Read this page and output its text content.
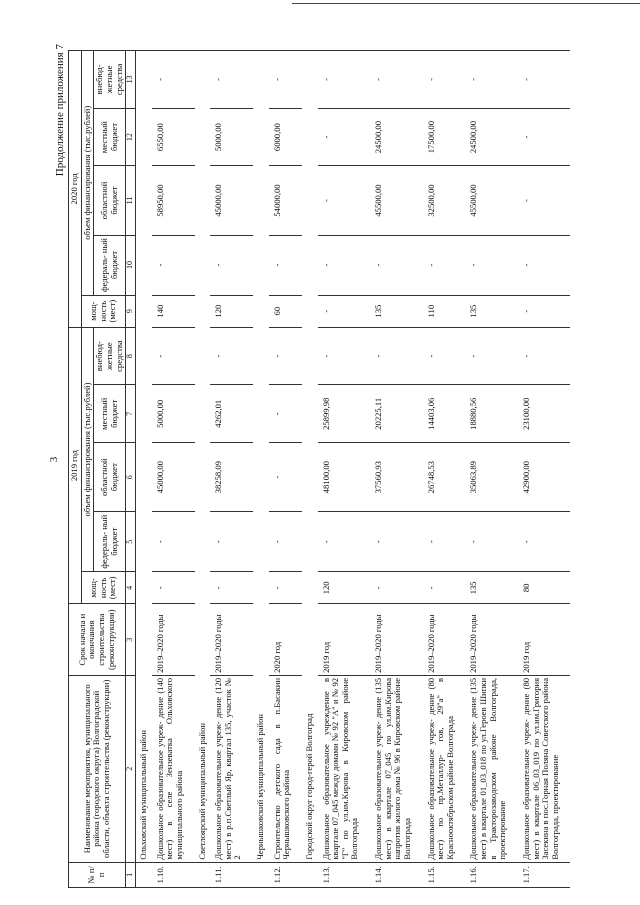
3
Продолжение приложения 7
№ п/п	Наименование мероприятия, муниципального района (городского округа) Волгоградской области, объекта строительства (реконструкции)	Срок начала и окончания строительства (реконструкции)	2019 год					2020 год				
			мощ- ность (мест)	объем финансирования (тыс.рублей)				мощ- ность (мест)	объем финансирования (тыс.рублей)			
				федераль- ный бюджет	областной бюджет	местный бюджет	внебюд- жетные средства		федераль- ный бюджет	областной бюджет	местный бюджет	внебюд- жетные средства
1	2	3	4	5	6	7	8	9	10	11	12	13
	Ольховский муниципальный район											
1.10.	Дошкольное образовательное учреж- дение (140 мест) в селе Зензеватка Ольховского муниципального района	2019–2020 годы	-	-	45000,00	5000,00	-	140	-	58950,00	6550,00	-
	Светлоярский муниципальный район											
1.11.	Дошкольное образовательное учреж- дение (120 мест) в р.п.Светлый Яр, квартал 135, участок № 2	2019–2020 годы	-	-	38258,09	4262,01	-	120	-	45000,00	5000,00	-
	Чернышковский муниципальный район											
1.12.	Строительство детского сада в п.Басакин Чернышковского района	2020 год	-	-	-	-	-	60	-	54000,00	6000,00	-
	Городской округ город-герой Волгоград											
1.13.	Дошкольное образовательное учреждение в квартале 07_045 между домами № 92 "А" и № 92 "Г" по ул.им.Кирова в Кировском районе Волгограда	2019 год	120	-	48100,00	25899,98	-	-	-	-	-	-
1.14.	Дошкольное образовательное учреж- дение (135 мест) в квартале 07_045 по ул.им.Кирова напротив жилого дома № 96 в Кировском районе Волгограда	2019–2020 годы	-	-	37560,93	20225,11	-	135	-	45500,00	24500,00	-
1.15.	Дошкольное образовательное учреж- дение (80 мест) по пр.Металлур- гов, 29"а" в Краснооктябрьском районе Волгограда	2019–2020 годы	-	-	26748,53	14403,06	-	110	-	32500,00	17500,00	-
1.16.	Дошкольное образовательное учреж- дение (135 мест) в квартале 01_03_018 по ул.Героев Шипки в Тракторозаводском районе Волгограда, проектирование	2019–2020 годы	135	-	35063,89	18880,56	-	135	-	45500,00	24500,00	-
1.17.	Дошкольное образовательное учреж- дение (80 мест) в квартале 06_03_019 по ул.им.Григория Засекина в пос.Горная Поляна Советского района Волгограда, проектирование	2019 год	80	-	42900,00	23100,00	-	-	-	-	-	-
